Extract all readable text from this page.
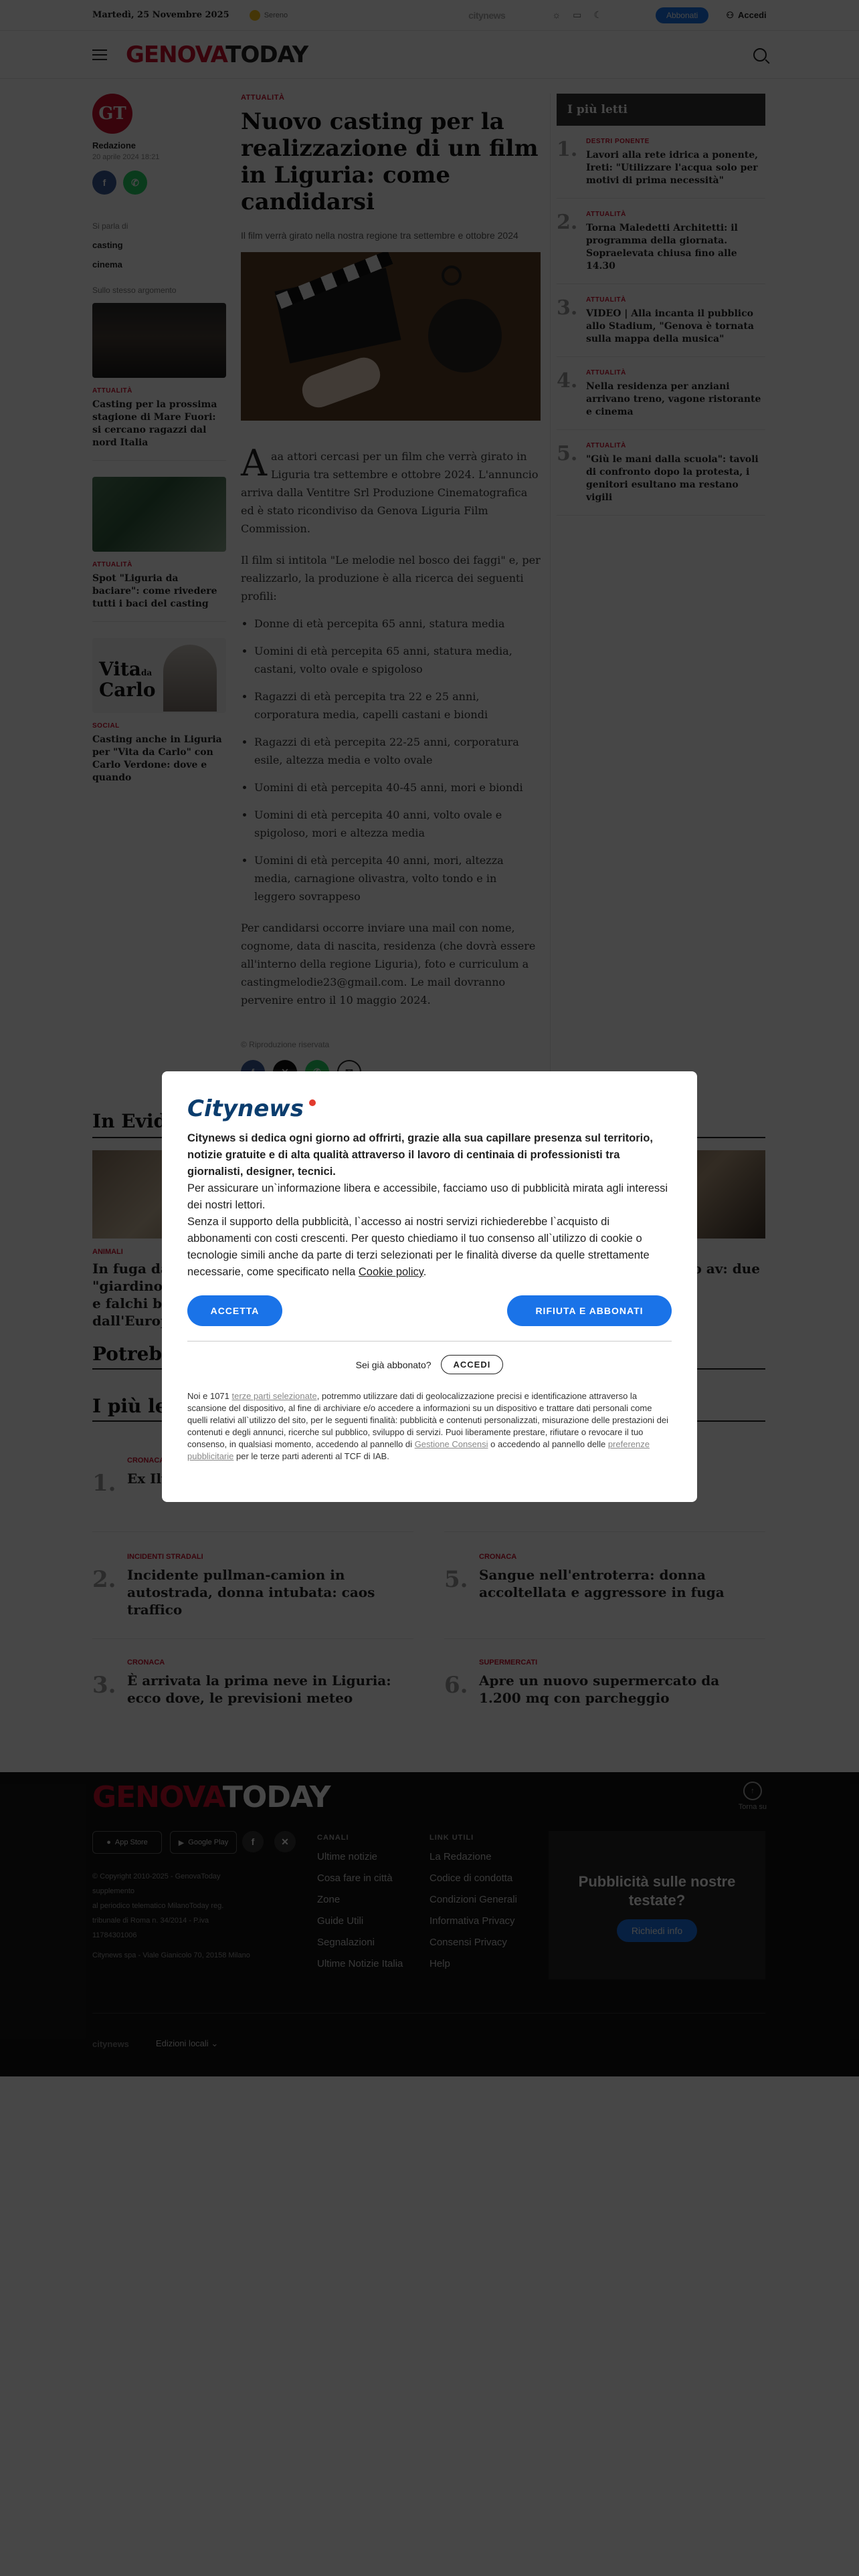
•
•
•
•
•
•
•

Citynews
Citynews si dedica ogni giorno ad offrirti, grazie alla sua capillare presenza sul territorio, notizie gratuite e di alta qualità attraverso il lavoro di centinaia di professionisti tra giornalisti, designer, tecnici.
Per assicurare un`informazione libera e accessibile, facciamo uso di pubblicità mirata agli interessi dei nostri lettori.
Senza il supporto della pubblicità, l`accesso ai nostri servizi richiederebbe l`acquisto di abbonamenti con costi crescenti. Per questo chiediamo il tuo consenso all`utilizzo di cookie o tecnologie simili anche da parte di terzi selezionati per le finalità diverse da quelle strettamente necessarie, come specificato nella Cookie policy.
ACCETTA	RIFIUTA E ABBONATI
Sei già abbonato?	ACCEDI
Noi e 1071 terze parti selezionate, potremmo utilizzare dati di geolocalizzazione precisi e identificazione attraverso la scansione del dispositivo, al fine di archiviare e/o accedere a informazioni su un dispositivo e trattare dati personali come quelli relativi all`utilizzo del sito, per le seguenti finalità: pubblicità e contenuti personalizzati, misurazione delle prestazioni dei contenuti e degli annunci, ricerche sul pubblico, sviluppo di servizi. Puoi liberamente prestare, rifiutare o revocare il tuo consenso, in qualsiasi momento, accedendo al pannello di Gestione Consensi o accedendo al pannello delle preferenze pubblicitarie per le terze parti aderenti al TCF di IAB.
